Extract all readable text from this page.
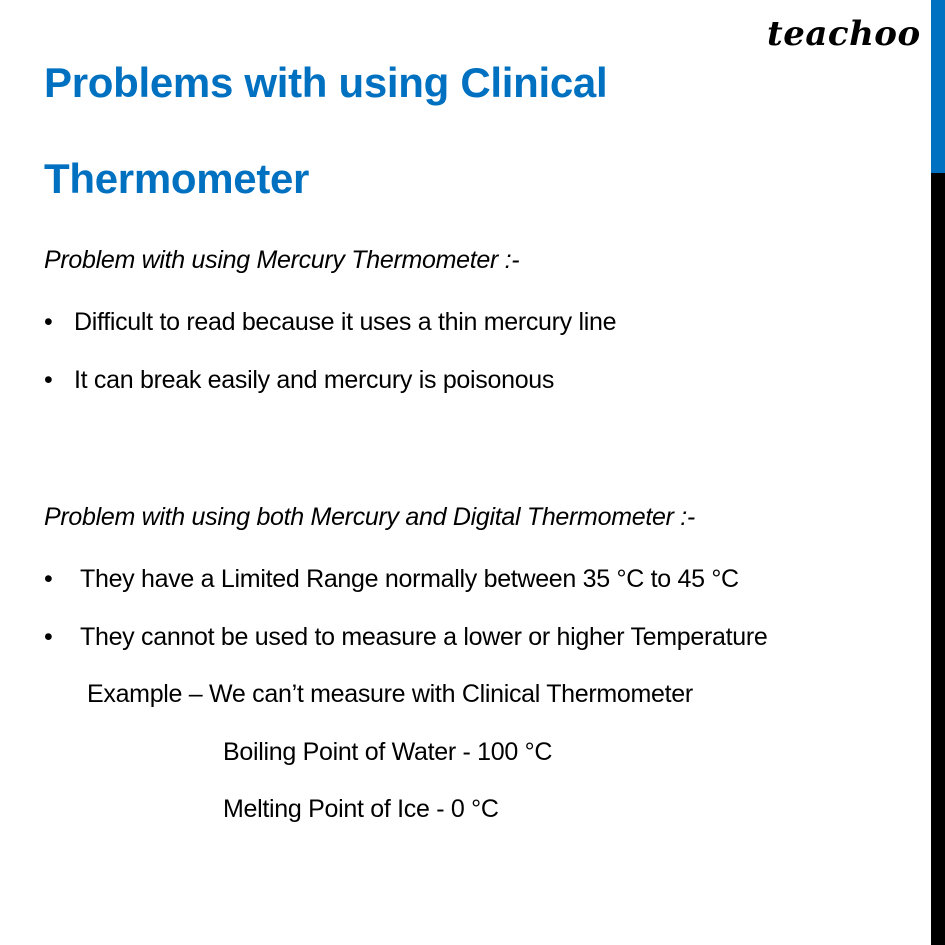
teachoo
Problems with using Clinical
Thermometer
Problem with using Mercury Thermometer :-
• Difficult to read because it uses a thin mercury line
• It can break easily and mercury is poisonous
Problem with using both Mercury and Digital Thermometer :-
• They have a Limited Range normally between 35 °C to 45 °C
• They cannot be used to measure a lower or higher Temperature
Example – We can’t measure with Clinical Thermometer
Boiling Point of Water - 100 °C
Melting Point of Ice - 0 °C
